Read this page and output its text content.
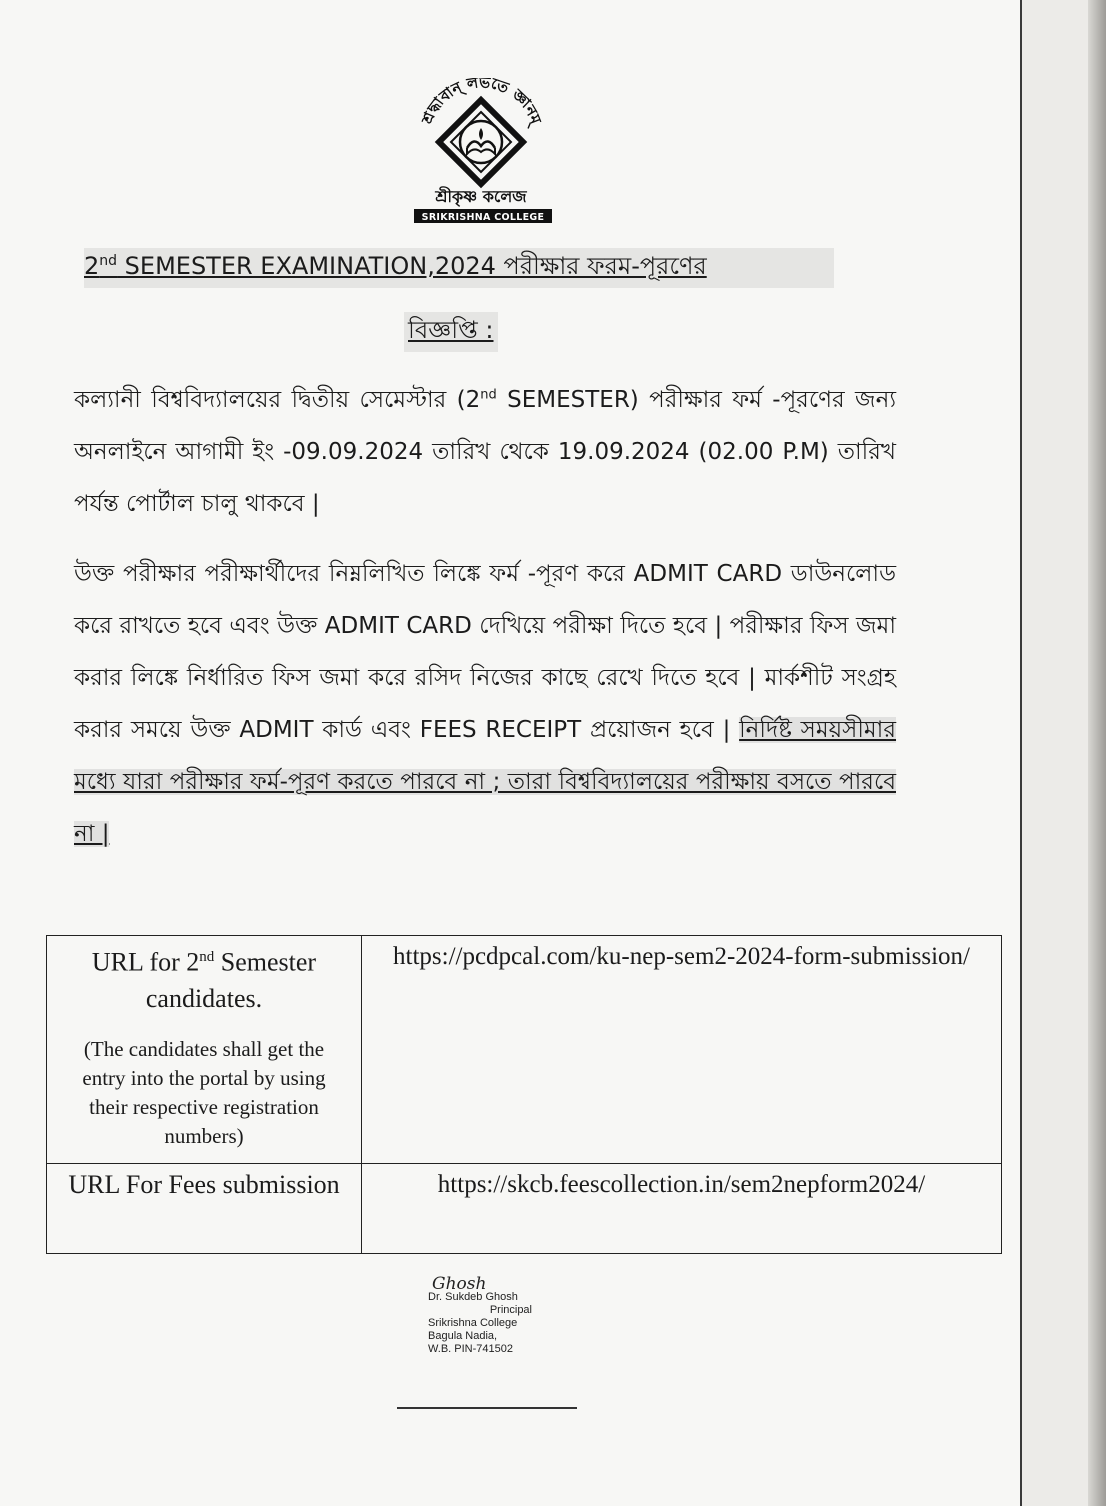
শ্রদ্ধাবান্ লভতে জ্ঞানম্
শ্রীকৃষ্ণ কলেজ
SRIKRISHNA COLLEGE
2nd SEMESTER EXAMINATION,2024 পরীক্ষার ফরম-পূরণের
বিজ্ঞপ্তি :
কল্যানী বিশ্ববিদ্যালয়ের দ্বিতীয় সেমেস্টার (2nd SEMESTER) পরীক্ষার ফর্ম -পূরণের জন্য অনলাইনে আগামী ইং -09.09.2024 তারিখ থেকে 19.09.2024 (02.00 P.M) তারিখ পর্যন্ত পোর্টাল চালু থাকবে |
উক্ত পরীক্ষার পরীক্ষার্থীদের নিম্নলিখিত লিঙ্কে ফর্ম -পূরণ করে ADMIT CARD ডাউনলোড করে রাখতে হবে এবং উক্ত ADMIT CARD দেখিয়ে পরীক্ষা দিতে হবে | পরীক্ষার ফিস জমা করার লিঙ্কে নির্ধারিত ফিস জমা করে রসিদ নিজের কাছে রেখে দিতে হবে | মার্কশীট সংগ্রহ করার সময়ে উক্ত ADMIT কার্ড এবং FEES RECEIPT প্রয়োজন হবে | নির্দিষ্ট সময়সীমার মধ্যে যারা পরীক্ষার ফর্ম-পূরণ করতে পারবে না ; তারা বিশ্ববিদ্যালয়ের পরীক্ষায় বসতে পারবে না |
URL for 2nd Semester candidates.
(The candidates shall get the entry into the portal by using their respective registration numbers)	https://pcdpcal.com/ku-nep-sem2-2024-form-submission/

URL For Fees submission	https://skcb.feescollection.in/sem2nepform2024/
Ghosh
Dr. Sukdeb Ghosh
Principal
Srikrishna College
Bagula Nadia,
W.B. PIN-741502
